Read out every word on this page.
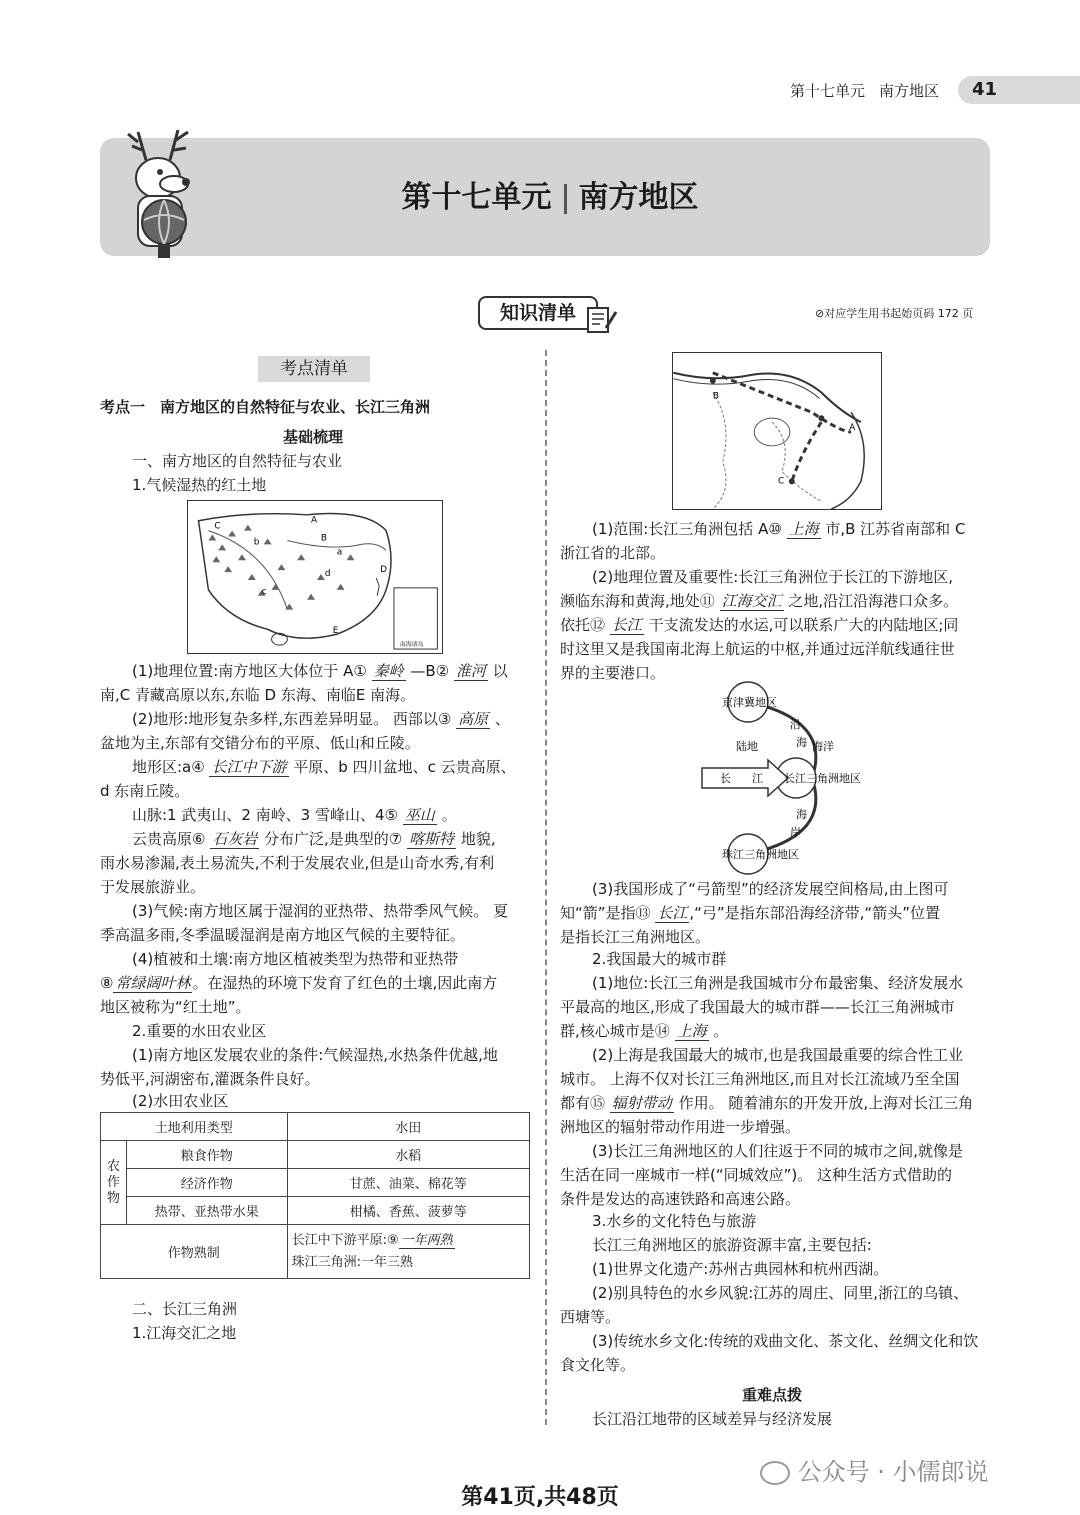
第十七单元 南方地区 41
第十七单元 南方地区
知识清单	⊘对应学生用书起始页码 172 页
考点清单
考点一　南方地区的自然特征与农业、长江三角洲
基础梳理
一、南方地区的自然特征与农业
1.气候湿热的红土地
南海诸岛
A
B
C
D
E
a
b
c
d
(1)地理位置:南方地区大体位于 A① 秦岭 —B② 淮河 以
南,C 青藏高原以东,东临 D 东海、南临E 南海。
(2)地形:地形复杂多样,东西差异明显。 西部以③ 高原 、
盆地为主,东部有交错分布的平原、低山和丘陵。
地形区:a④ 长江中下游 平原、b 四川盆地、c 云贵高原、
d 东南丘陵。
山脉:1 武夷山、2 南岭、3 雪峰山、4⑤ 巫山 。
云贵高原⑥ 石灰岩 分布广泛,是典型的⑦ 喀斯特 地貌,
雨水易渗漏,表土易流失,不利于发展农业,但是山奇水秀,有利
于发展旅游业。
(3)气候:南方地区属于湿润的亚热带、热带季风气候。 夏
季高温多雨,冬季温暖湿润是南方地区气候的主要特征。
(4)植被和土壤:南方地区植被类型为热带和亚热带
⑧ 常绿阔叶林 。在湿热的环境下发育了红色的土壤,因此南方
地区被称为“红土地”。
2.重要的水田农业区
(1)南方地区发展农业的条件:气候湿热,水热条件优越,地
势低平,河湖密布,灌溉条件良好。
(2)水田农业区
土地利用类型		水田
农作物	粮食作物	水稻
	经济作物	甘蔗、油菜、棉花等
	热带、亚热带水果	柑橘、香蕉、菠萝等
作物熟制		长江中下游平原:⑨ 一年两熟
珠江三角洲:一年三熟
二、长江三角洲
1.江海交汇之地
A
B
C
(1)范围:长江三角洲包括 A⑩ 上海 市,B 江苏省南部和 C
浙江省的北部。
(2)地理位置及重要性:长江三角洲位于长江的下游地区,
濒临东海和黄海,地处⑪ 江海交汇 之地,沿江沿海港口众多。
依托⑫ 长江 干支流发达的水运,可以联系广大的内陆地区;同
时这里又是我国南北海上航运的中枢,并通过远洋航线通往世
界的主要港口。
京津冀地区
珠江三角洲地区
长江三角洲地区
陆地	海洋
长 江
沿
海
海
岸
(3)我国形成了“弓箭型”的经济发展空间格局,由上图可
知“箭”是指⑬ 长江 ,“弓”是指东部沿海经济带,“箭头”位置
是指长江三角洲地区。
2.我国最大的城市群
(1)地位:长江三角洲是我国城市分布最密集、经济发展水
平最高的地区,形成了我国最大的城市群——长江三角洲城市
群,核心城市是⑭ 上海 。
(2)上海是我国最大的城市,也是我国最重要的综合性工业
城市。 上海不仅对长江三角洲地区,而且对长江流域乃至全国
都有⑮ 辐射带动 作用。 随着浦东的开发开放,上海对长江三角
洲地区的辐射带动作用进一步增强。
(3)长江三角洲地区的人们往返于不同的城市之间,就像是
生活在同一座城市一样(“同城效应”)。 这种生活方式借助的
条件是发达的高速铁路和高速公路。
3.水乡的文化特色与旅游
长江三角洲地区的旅游资源丰富,主要包括:
(1)世界文化遗产:苏州古典园林和杭州西湖。
(2)别具特色的水乡风貌:江苏的周庄、同里,浙江的乌镇、
西塘等。
(3)传统水乡文化:传统的戏曲文化、茶文化、丝绸文化和饮
食文化等。
重难点拨
长江沿江地带的区域差异与经济发展
公众号 · 小儒郎说
第41页,共48页
